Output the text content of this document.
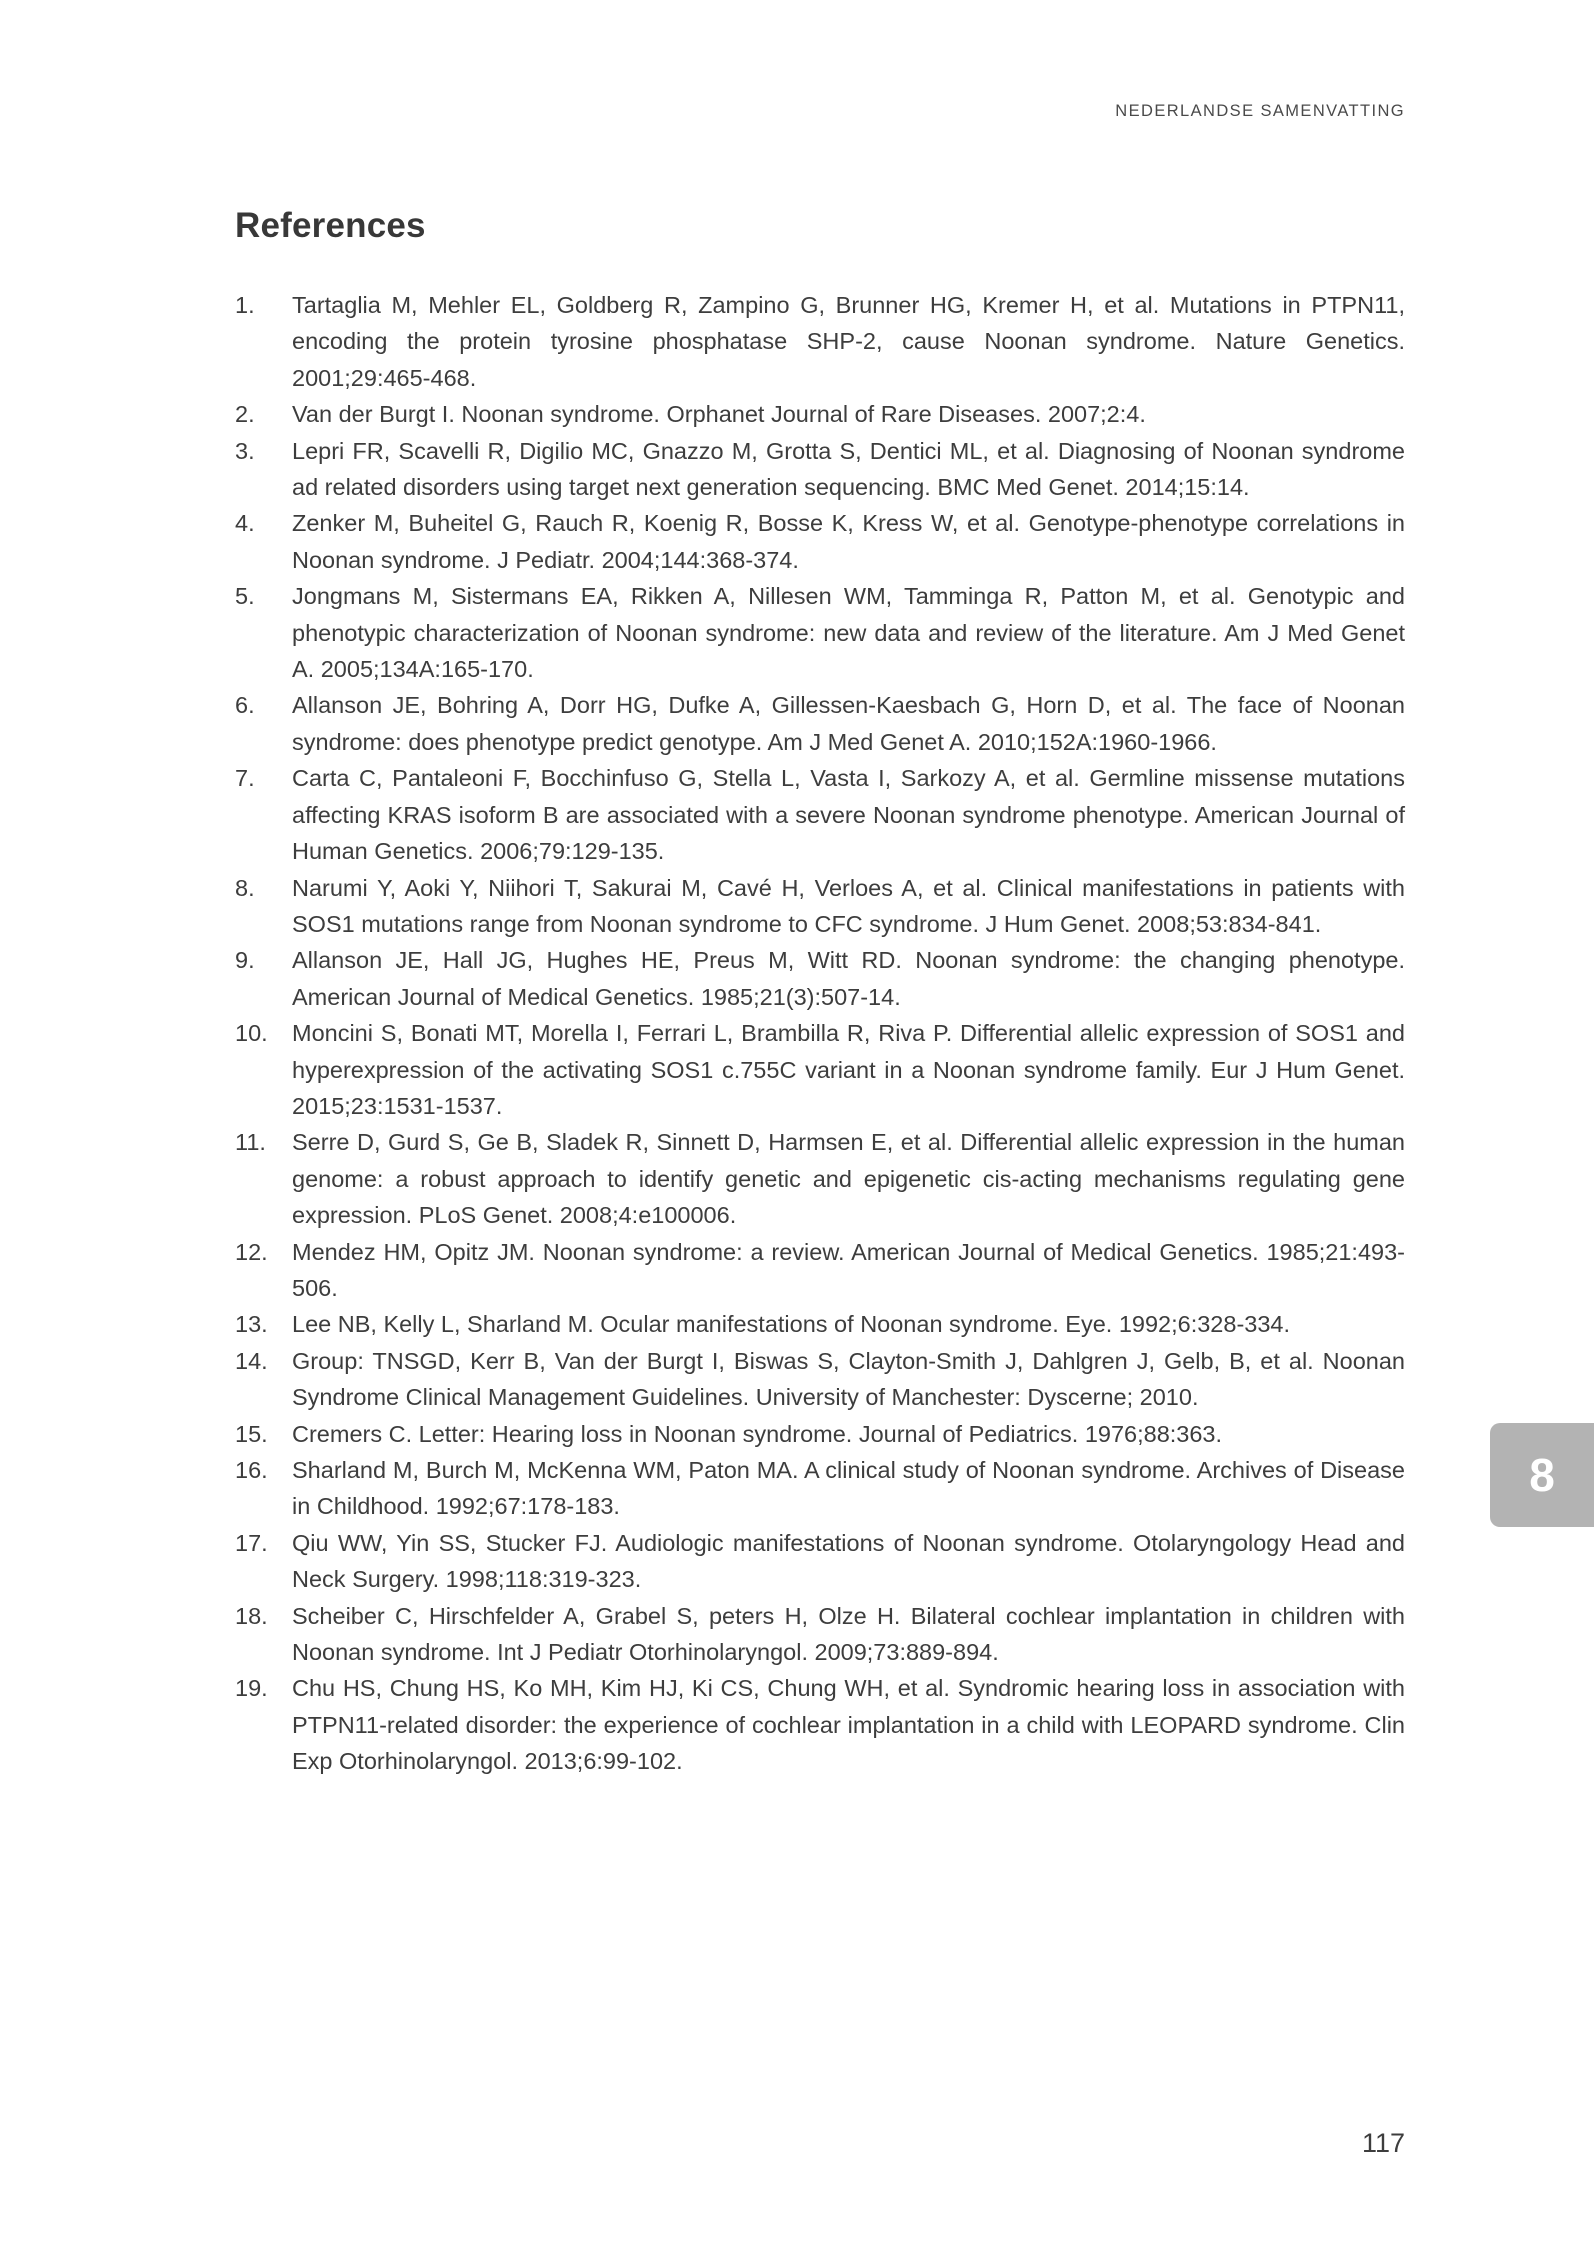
NEDERLANDSE SAMENVATTING
References
1.	Tartaglia M, Mehler EL, Goldberg R, Zampino G, Brunner HG, Kremer H, et al. Mutations in PTPN11, encoding the protein tyrosine phosphatase SHP-2, cause Noonan syndrome. Nature Genetics. 2001;29:465-468.
2.	Van der Burgt I. Noonan syndrome. Orphanet Journal of Rare Diseases. 2007;2:4.
3.	Lepri FR, Scavelli R, Digilio MC, Gnazzo M, Grotta S, Dentici ML, et al. Diagnosing of Noonan syndrome ad related disorders using target next generation sequencing. BMC Med Genet. 2014;15:14.
4.	Zenker M, Buheitel G, Rauch R, Koenig R, Bosse K, Kress W, et al. Genotype-phenotype correlations in Noonan syndrome. J Pediatr. 2004;144:368-374.
5.	Jongmans M, Sistermans EA, Rikken A, Nillesen WM, Tamminga R, Patton M, et al. Genotypic and phenotypic characterization of Noonan syndrome: new data and review of the literature. Am J Med Genet A. 2005;134A:165-170.
6.	Allanson JE, Bohring A, Dorr HG, Dufke A, Gillessen-Kaesbach G, Horn D, et al. The face of Noonan syndrome: does phenotype predict genotype. Am J Med Genet A. 2010;152A:1960-1966.
7.	Carta C, Pantaleoni F, Bocchinfuso G, Stella L, Vasta I, Sarkozy A, et al. Germline missense mutations affecting KRAS isoform B are associated with a severe Noonan syndrome phenotype. American Journal of Human Genetics. 2006;79:129-135.
8.	Narumi Y, Aoki Y, Niihori T, Sakurai M, Cavé H, Verloes A, et al. Clinical manifestations in patients with SOS1 mutations range from Noonan syndrome to CFC syndrome. J Hum Genet. 2008;53:834-841.
9.	Allanson JE, Hall JG, Hughes HE, Preus M, Witt RD. Noonan syndrome: the changing phenotype. American Journal of Medical Genetics. 1985;21(3):507-14.
10.	Moncini S, Bonati MT, Morella I, Ferrari L, Brambilla R, Riva P. Differential allelic expression of SOS1 and hyperexpression of the activating SOS1 c.755C variant in a Noonan syndrome family. Eur J Hum Genet. 2015;23:1531-1537.
11.	Serre D, Gurd S, Ge B, Sladek R, Sinnett D, Harmsen E, et al. Differential allelic expression in the human genome: a robust approach to identify genetic and epigenetic cis-acting mechanisms regulating gene expression. PLoS Genet. 2008;4:e100006.
12.	Mendez HM, Opitz JM. Noonan syndrome: a review. American Journal of Medical Genetics. 1985;21:493-506.
13.	Lee NB, Kelly L, Sharland M. Ocular manifestations of Noonan syndrome. Eye. 1992;6:328-334.
14.	Group: TNSGD, Kerr B, Van der Burgt I, Biswas S, Clayton-Smith J, Dahlgren J, Gelb, B, et al. Noonan Syndrome Clinical Management Guidelines. University of Manchester: Dyscerne; 2010.
15.	Cremers C. Letter: Hearing loss in Noonan syndrome. Journal of Pediatrics. 1976;88:363.
16.	Sharland M, Burch M, McKenna WM, Paton MA. A clinical study of Noonan syndrome. Archives of Disease in Childhood. 1992;67:178-183.
17.	Qiu WW, Yin SS, Stucker FJ. Audiologic manifestations of Noonan syndrome. Otolaryngology Head and Neck Surgery. 1998;118:319-323.
18.	Scheiber C, Hirschfelder A, Grabel S, peters H, Olze H. Bilateral cochlear implantation in children with Noonan syndrome. Int J Pediatr Otorhinolaryngol. 2009;73:889-894.
19.	Chu HS, Chung HS, Ko MH, Kim HJ, Ki CS, Chung WH, et al. Syndromic hearing loss in association with PTPN11-related disorder: the experience of cochlear implantation in a child with LEOPARD syndrome. Clin Exp Otorhinolaryngol. 2013;6:99-102.
8
117
